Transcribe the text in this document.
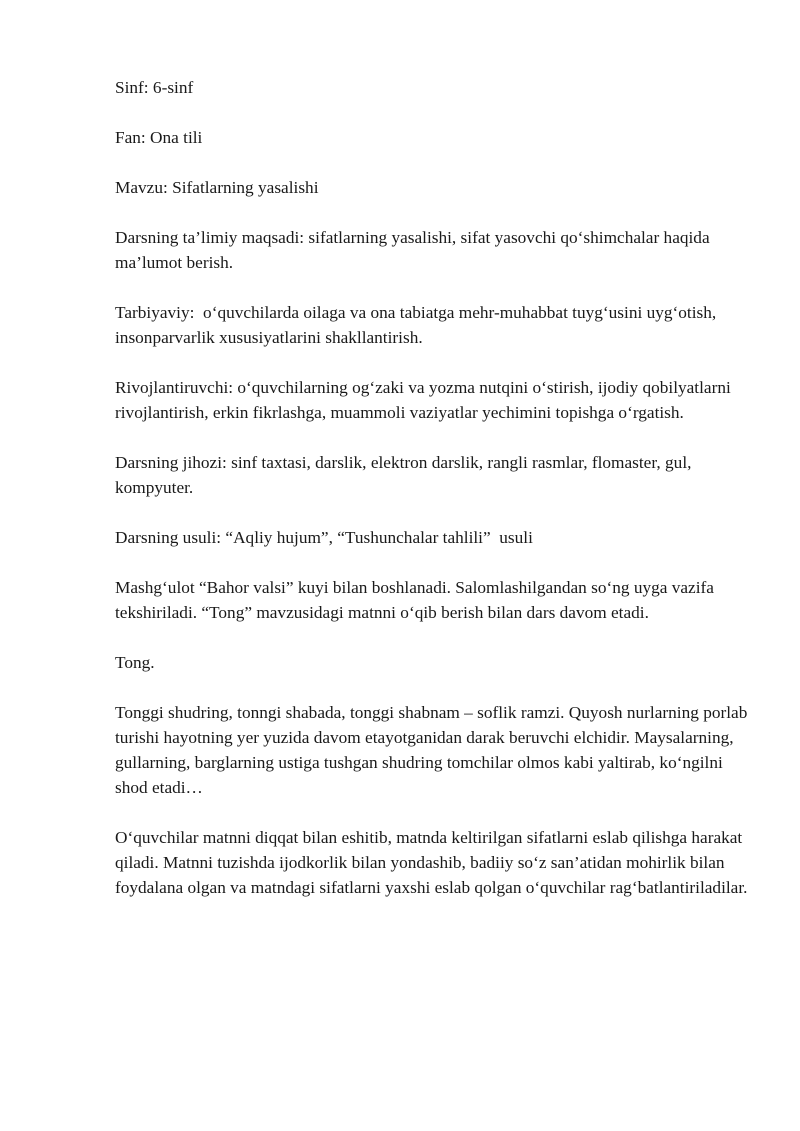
Sinf: 6-sinf

Fan: Ona tili

Mavzu: Sifatlarning yasalishi

Darsning ta’limiy maqsadi: sifatlarning yasalishi, sifat yasovchi qo‘shimchalar haqida ma’lumot berish.

Tarbiyaviy:  o‘quvchilarda oilaga va ona tabiatga mehr-muhabbat tuyg‘usini uyg‘otish, insonparvarlik xususiyatlarini shakllantirish.

Rivojlantiruvchi: o‘quvchilarning og‘zaki va yozma nutqini o‘stirish, ijodiy qobilyatlarni rivojlantirish, erkin fikrlashga, muammoli vaziyatlar yechimini topishga o‘rgatish.

Darsning jihozi: sinf taxtasi, darslik, elektron darslik, rangli rasmlar, flomaster, gul, kompyuter.

Darsning usuli: “Aqliy hujum”, “Tushunchalar tahlili”  usuli

Mashg‘ulot “Bahor valsi” kuyi bilan boshlanadi. Salomlashilgandan so‘ng uyga vazifa tekshiriladi. “Tong” mavzusidagi matnni o‘qib berish bilan dars davom etadi.

Tong.

Tonggi shudring, tonngi shabada, tonggi shabnam – soflik ramzi. Quyosh nurlarning porlab turishi hayotning yer yuzida davom etayotganidan darak beruvchi elchidir. Maysalarning, gullarning, barglarning ustiga tushgan shudring tomchilar olmos kabi yaltirab, ko‘ngilni shod etadi…

O‘quvchilar matnni diqqat bilan eshitib, matnda keltirilgan sifatlarni eslab qilishga harakat qiladi. Matnni tuzishda ijodkorlik bilan yondashib, badiiy so‘z san’atidan mohirlik bilan foydalana olgan va matndagi sifatlarni yaxshi eslab qolgan o‘quvchilar rag‘batlantiriladilar.
